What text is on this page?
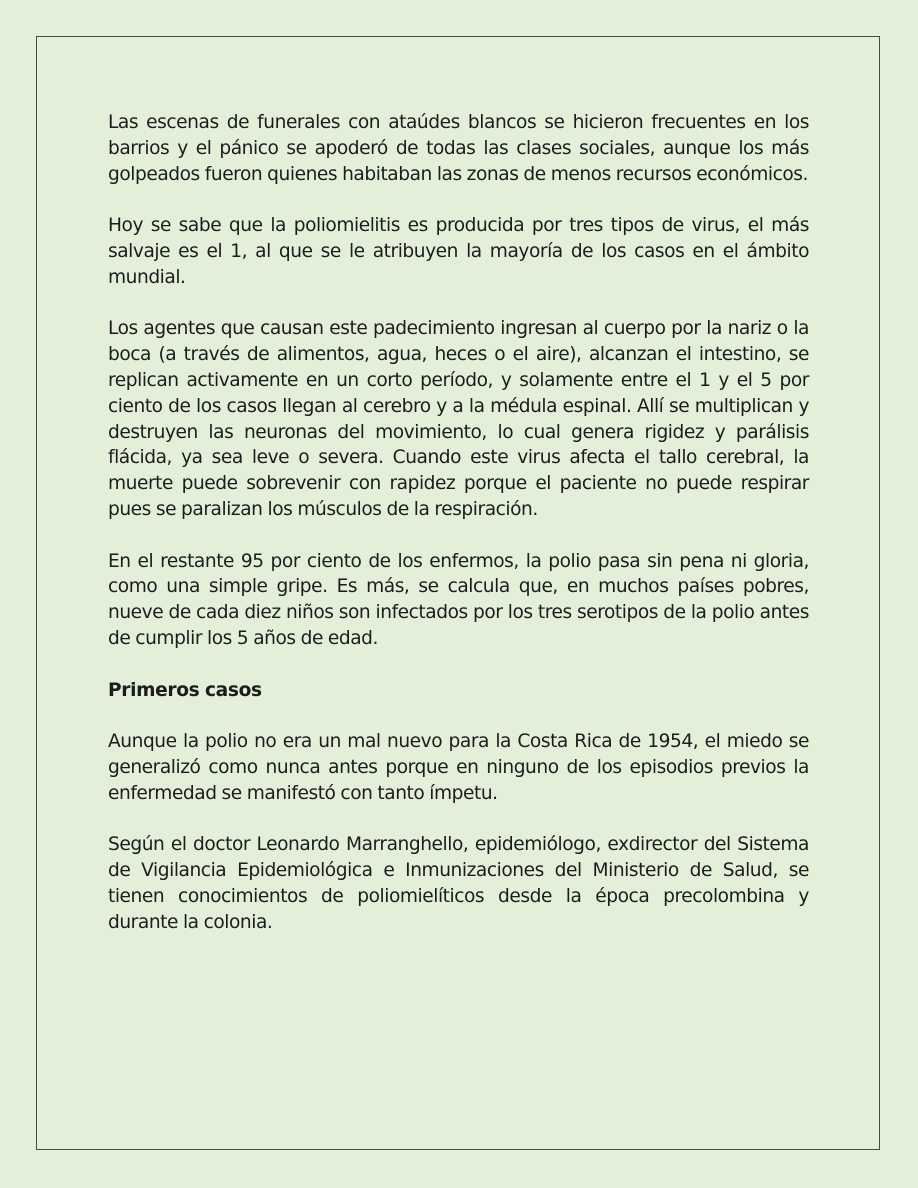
Las escenas de funerales con ataúdes blancos se hicieron frecuentes en los barrios y el pánico se apoderó de todas las clases sociales, aunque los más golpeados fueron quienes habitaban las zonas de menos recursos económicos.

Hoy se sabe que la poliomielitis es producida por tres tipos de virus, el más salvaje es el 1, al que se le atribuyen la mayoría de los casos en el ámbito mundial.

Los agentes que causan este padecimiento ingresan al cuerpo por la nariz o la boca (a través de alimentos, agua, heces o el aire), alcanzan el intestino, se replican activamente en un corto período, y solamente entre el 1 y el 5 por ciento de los casos llegan al cerebro y a la médula espinal. Allí se multiplican y destruyen las neuronas del movimiento, lo cual genera rigidez y parálisis flácida, ya sea leve o severa. Cuando este virus afecta el tallo cerebral, la muerte puede sobrevenir con rapidez porque el paciente no puede respirar pues se paralizan los músculos de la respiración.

En el restante 95 por ciento de los enfermos, la polio pasa sin pena ni gloria, como una simple gripe. Es más, se calcula que, en muchos países pobres, nueve de cada diez niños son infectados por los tres serotipos de la polio antes de cumplir los 5 años de edad.

Primeros casos

Aunque la polio no era un mal nuevo para la Costa Rica de 1954, el miedo se generalizó como nunca antes porque en ninguno de los episodios previos la enfermedad se manifestó con tanto ímpetu.

Según el doctor Leonardo Marranghello, epidemiólogo, exdirector del Sistema de Vigilancia Epidemiológica e Inmunizaciones del Ministerio de Salud, se tienen conocimientos de poliomielíticos desde la época precolombina y durante la colonia.
